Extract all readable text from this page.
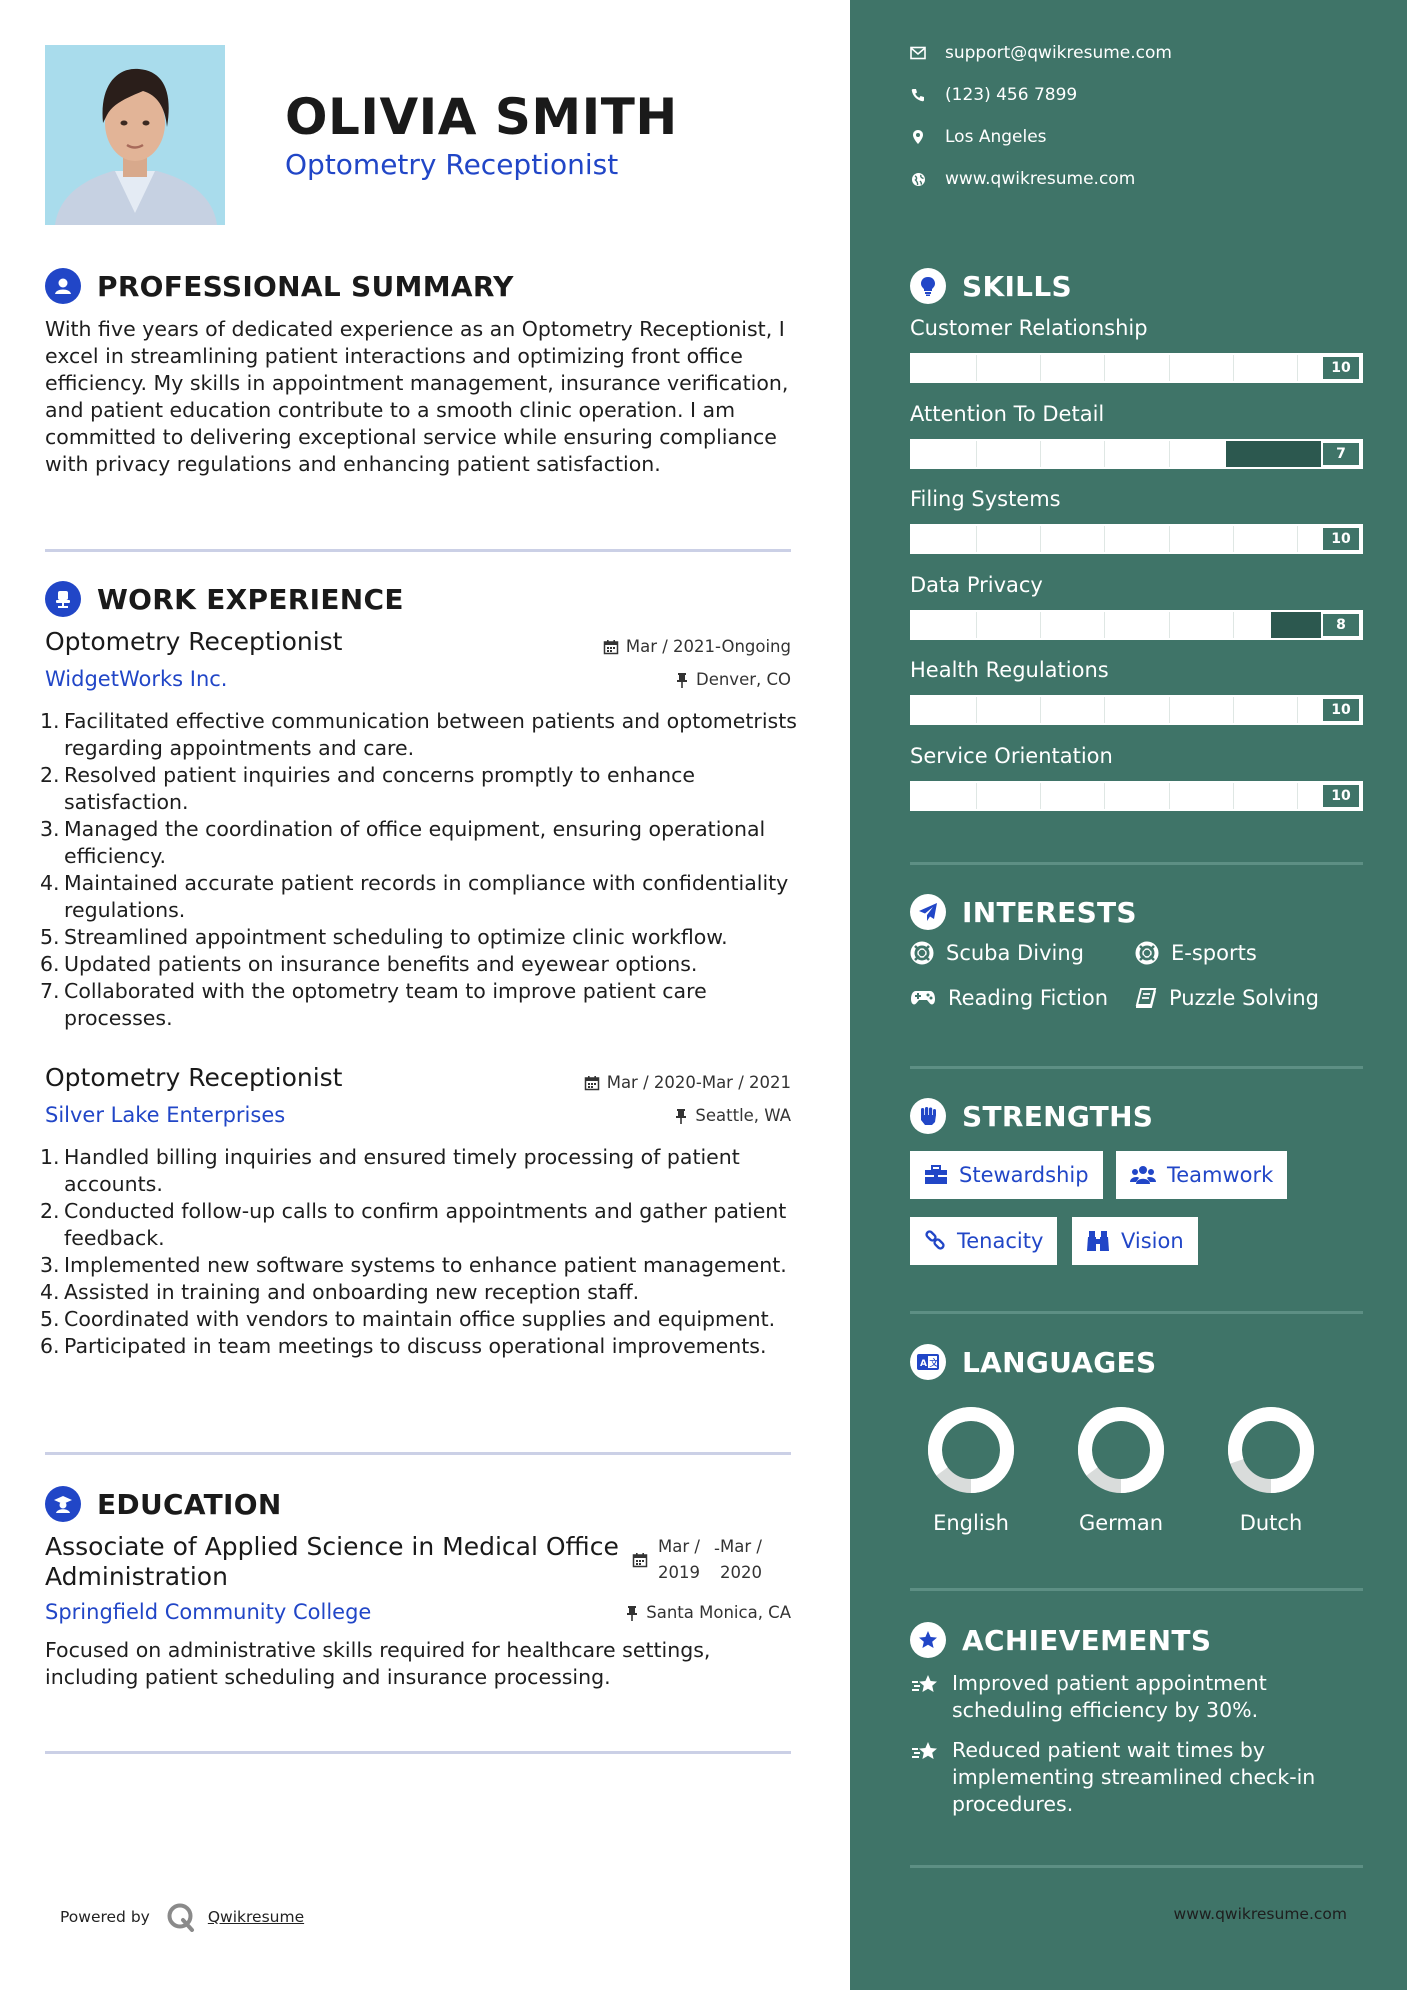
OLIVIA SMITH
Optometry Receptionist
PROFESSIONAL SUMMARY
With five years of dedicated experience as an Optometry Receptionist, I excel in streamlining patient interactions and optimizing front office efficiency. My skills in appointment management, insurance verification, and patient education contribute to a smooth clinic operation. I am committed to delivering exceptional service while ensuring compliance with privacy regulations and enhancing patient satisfaction.
WORK EXPERIENCE
Optometry Receptionist
WidgetWorks Inc.
Mar / 2021-Ongoing
Denver, CO
1. Facilitated effective communication between patients and optometrists regarding appointments and care.
2. Resolved patient inquiries and concerns promptly to enhance satisfaction.
3. Managed the coordination of office equipment, ensuring operational efficiency.
4. Maintained accurate patient records in compliance with confidentiality regulations.
5. Streamlined appointment scheduling to optimize clinic workflow.
6. Updated patients on insurance benefits and eyewear options.
7. Collaborated with the optometry team to improve patient care processes.
Optometry Receptionist
Silver Lake Enterprises
Mar / 2020-Mar / 2021
Seattle, WA
1. Handled billing inquiries and ensured timely processing of patient accounts.
2. Conducted follow-up calls to confirm appointments and gather patient feedback.
3. Implemented new software systems to enhance patient management.
4. Assisted in training and onboarding new reception staff.
5. Coordinated with vendors to maintain office supplies and equipment.
6. Participated in team meetings to discuss operational improvements.
EDUCATION
Associate of Applied Science in Medical Office Administration
Mar /
2019
- Mar /
2020
Springfield Community College	Santa Monica, CA
Focused on administrative skills required for healthcare settings, including patient scheduling and insurance processing.
Powered by	Qwikresume
support@qwikresume.com
(123) 456 7899
Los Angeles
www.qwikresume.com
SKILLS
Customer Relationship
10
Attention To Detail
7
Filing Systems
10
Data Privacy
8
Health Regulations
10
Service Orientation
10
INTERESTS
Scuba Diving	E-sports
Reading Fiction	Puzzle Solving
STRENGTHS
Stewardship	Teamwork
Tenacity	Vision
A 文 LANGUAGES
English	German	Dutch
ACHIEVEMENTS
Improved patient appointment scheduling efficiency by 30%.
Reduced patient wait times by implementing streamlined check-in procedures.
www.qwikresume.com
